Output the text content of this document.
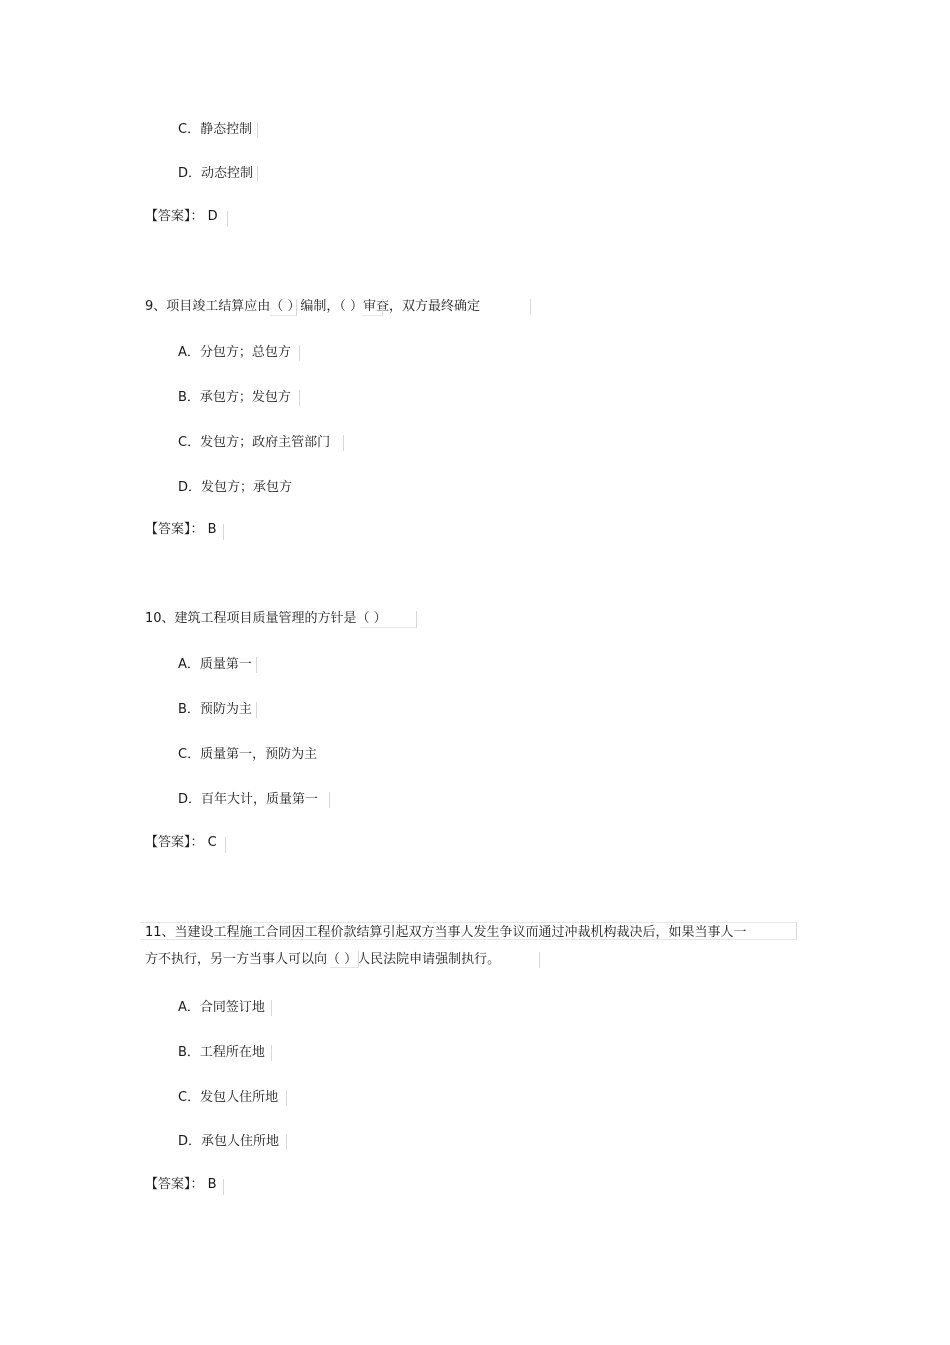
C．静态控制
D．动态控制
【答案】： D
9、项目竣工结算应由（ ）编制，（ ）审查，双方最终确定
A．分包方；总包方
B．承包方；发包方
C．发包方；政府主管部门
D．发包方；承包方
【答案】： B
10、建筑工程项目质量管理的方针是（ ）
A．质量第一
B．预防为主
C．质量第一，预防为主
D．百年大计，质量第一
【答案】： C
11、当建设工程施工合同因工程价款结算引起双方当事人发生争议而通过冲裁机构裁决后，如果当事人一
方不执行，另一方当事人可以向（ ）人民法院申请强制执行。
A．合同签订地
B．工程所在地
C．发包人住所地
D．承包人住所地
【答案】： B
